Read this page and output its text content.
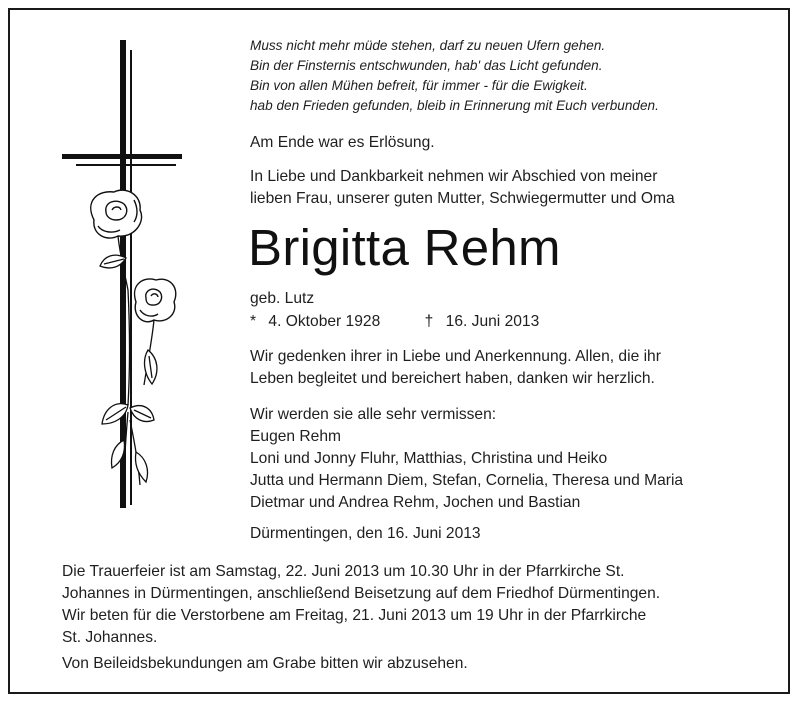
Muss nicht mehr müde stehen, darf zu neuen Ufern gehen.
Bin der Finsternis entschwunden, hab' das Licht gefunden.
Bin von allen Mühen befreit, für immer - für die Ewigkeit.
hab den Frieden gefunden, bleib in Erinnerung mit Euch verbunden.
Am Ende war es Erlösung.
In Liebe und Dankbarkeit nehmen wir Abschied von meiner
lieben Frau, unserer guten Mutter, Schwiegermutter und Oma
Brigitta Rehm
geb. Lutz
* 4. Oktober 1928	† 16. Juni 2013
Wir gedenken ihrer in Liebe und Anerkennung. Allen, die ihr
Leben begleitet und bereichert haben, danken wir herzlich.
Wir werden sie alle sehr vermissen:
Eugen Rehm
Loni und Jonny Fluhr, Matthias, Christina und Heiko
Jutta und Hermann Diem, Stefan, Cornelia, Theresa und Maria
Dietmar und Andrea Rehm, Jochen und Bastian
Dürmentingen, den 16. Juni 2013
Die Trauerfeier ist am Samstag, 22. Juni 2013 um 10.30 Uhr in der Pfarrkirche St.
Johannes in Dürmentingen, anschließend Beisetzung auf dem Friedhof Dürmentingen.
Wir beten für die Verstorbene am Freitag, 21. Juni 2013 um 19 Uhr in der Pfarrkirche
St. Johannes.
Von Beileidsbekundungen am Grabe bitten wir abzusehen.
